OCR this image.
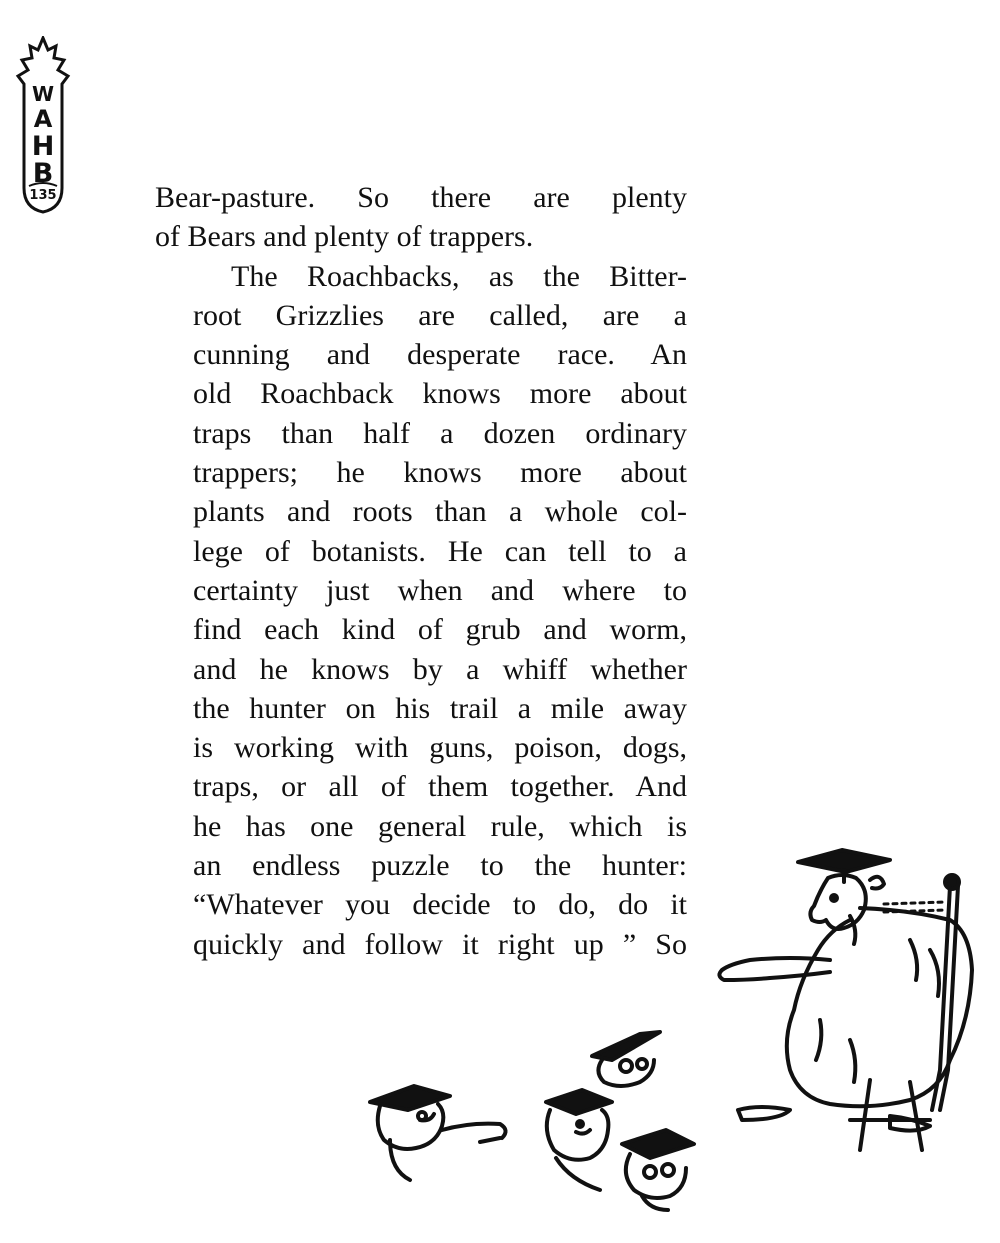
W
A
H
B
135	Bear-pasture. So there are plenty
of Bears and plenty of trappers.

The Roachbacks, as the Bitter-
root Grizzlies are called, are a
cunning and desperate race. An
old Roachback knows more about
traps than half a dozen ordinary
trappers; he knows more about
plants and roots than a whole col-
lege of botanists. He can tell to a
certainty just when and where to
find each kind of grub and worm,
and he knows by a whiff whether
the hunter on his trail a mile away
is working with guns, poison, dogs,
traps, or all of them together. And
he has one general rule, which is
an endless puzzle to the hunter:
“Whatever you decide to do, do it
quickly and follow it right up ” So
